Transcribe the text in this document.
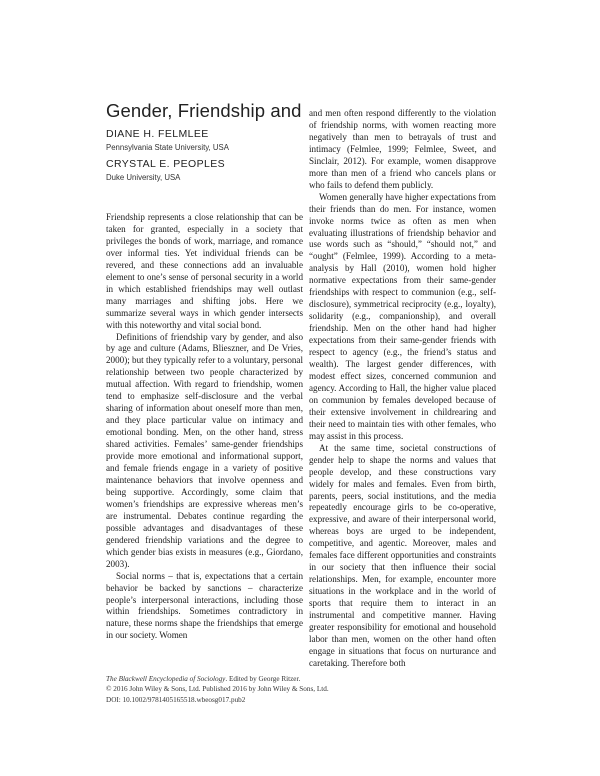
Gender, Friendship and
DIANE H. FELMLEE
Pennsylvania State University, USA
CRYSTAL E. PEOPLES
Duke University, USA

Friendship represents a close relationship that can be taken for granted, especially in a society that privileges the bonds of work, marriage, and romance over informal ties. Yet individual friends can be revered, and these connections add an invaluable element to one’s sense of personal security in a world in which established friendships may well outlast many marriages and shifting jobs. Here we summarize several ways in which gender intersects with this noteworthy and vital social bond.

Definitions of friendship vary by gender, and also by age and culture (Adams, Blieszner, and De Vries, 2000); but they typically refer to a voluntary, personal relationship between two people characterized by mutual affection. With regard to friendship, women tend to emphasize self-disclosure and the verbal sharing of information about oneself more than men, and they place particular value on intimacy and emotional bonding. Men, on the other hand, stress shared activities. Females’ same-gender friendships provide more emotional and informational support, and female friends engage in a variety of positive maintenance behaviors that involve openness and being supportive. Accordingly, some claim that women’s friendships are expressive whereas men’s are instrumental. Debates continue regarding the possible advantages and disadvantages of these gendered friendship variations and the degree to which gender bias exists in measures (e.g., Giordano, 2003).

Social norms – that is, expectations that a certain behavior be backed by sanctions – characterize people’s interpersonal interactions, including those within friendships. Sometimes contradictory in nature, these norms shape the friendships that emerge in our society. Women

and men often respond differently to the violation of friendship norms, with women reacting more negatively than men to betrayals of trust and intimacy (Felmlee, 1999; Felmlee, Sweet, and Sinclair, 2012). For example, women disapprove more than men of a friend who cancels plans or who fails to defend them publicly.

Women generally have higher expectations from their friends than do men. For instance, women invoke norms twice as often as men when evaluating illustrations of friendship behavior and use words such as “should,” “should not,” and “ought” (Felmlee, 1999). According to a meta-analysis by Hall (2010), women hold higher normative expectations from their same-gender friendships with respect to communion (e.g., self-disclosure), symmetrical reciprocity (e.g., loyalty), solidarity (e.g., companionship), and overall friendship. Men on the other hand had higher expectations from their same-gender friends with respect to agency (e.g., the friend’s status and wealth). The largest gender differences, with modest effect sizes, concerned communion and agency. According to Hall, the higher value placed on communion by females developed because of their extensive involvement in childrearing and their need to maintain ties with other females, who may assist in this process.

At the same time, societal constructions of gender help to shape the norms and values that people develop, and these constructions vary widely for males and females. Even from birth, parents, peers, social institutions, and the media repeatedly encourage girls to be co-operative, expressive, and aware of their interpersonal world, whereas boys are urged to be independent, competitive, and agentic. Moreover, males and females face different opportunities and constraints in our society that then influence their social relationships. Men, for example, encounter more situations in the workplace and in the world of sports that require them to interact in an instrumental and competitive manner. Having greater responsibility for emotional and household labor than men, women on the other hand often engage in situations that focus on nurturance and caretaking. Therefore both

The Blackwell Encyclopedia of Sociology. Edited by George Ritzer.
© 2016 John Wiley & Sons, Ltd. Published 2016 by John Wiley & Sons, Ltd.
DOI: 10.1002/9781405165518.wbeosg017.pub2
